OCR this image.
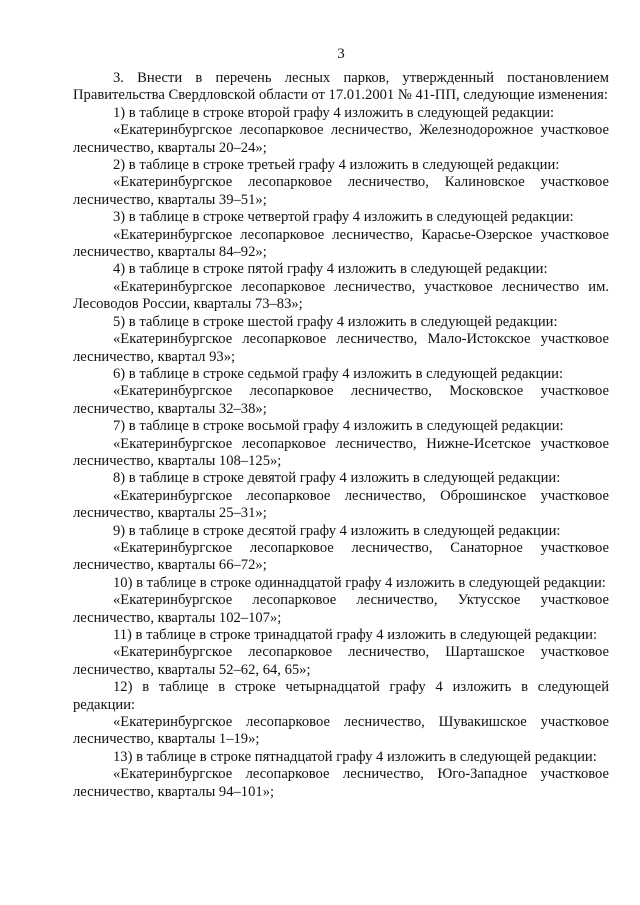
3

3. Внести в перечень лесных парков, утвержденный постановлением Правительства Свердловской области от 17.01.2001 № 41-ПП, следующие изменения:

1) в таблице в строке второй графу 4 изложить в следующей редакции:

«Екатеринбургское лесопарковое лесничество, Железнодорожное участковое лесничество, кварталы 20–24»;

2) в таблице в строке третьей графу 4 изложить в следующей редакции:

«Екатеринбургское лесопарковое лесничество, Калиновское участковое лесничество, кварталы 39–51»;

3) в таблице в строке четвертой графу 4 изложить в следующей редакции:

«Екатеринбургское лесопарковое лесничество, Карасье-Озерское участковое лесничество, кварталы 84–92»;

4) в таблице в строке пятой графу 4 изложить в следующей редакции:

«Екатеринбургское лесопарковое лесничество, участковое лесничество им. Лесоводов России, кварталы 73–83»;

5) в таблице в строке шестой графу 4 изложить в следующей редакции:

«Екатеринбургское лесопарковое лесничество, Мало-Истокское участковое лесничество, квартал 93»;

6) в таблице в строке седьмой графу 4 изложить в следующей редакции:

«Екатеринбургское лесопарковое лесничество, Московское участковое лесничество, кварталы 32–38»;

7) в таблице в строке восьмой графу 4 изложить в следующей редакции:

«Екатеринбургское лесопарковое лесничество, Нижне-Исетское участковое лесничество, кварталы 108–125»;

8) в таблице в строке девятой графу 4 изложить в следующей редакции:

«Екатеринбургское лесопарковое лесничество, Оброшинское участковое лесничество, кварталы 25–31»;

9) в таблице в строке десятой графу 4 изложить в следующей редакции:

«Екатеринбургское лесопарковое лесничество, Санаторное участковое лесничество, кварталы 66–72»;

10) в таблице в строке одиннадцатой графу 4 изложить в следующей редакции:

«Екатеринбургское лесопарковое лесничество, Уктусское участковое лесничество, кварталы 102–107»;

11) в таблице в строке тринадцатой графу 4 изложить в следующей редакции:

«Екатеринбургское лесопарковое лесничество, Шарташское участковое лесничество, кварталы 52–62, 64, 65»;

12) в таблице в строке четырнадцатой графу 4 изложить в следующей редакции:

«Екатеринбургское лесопарковое лесничество, Шувакишское участковое лесничество, кварталы 1–19»;

13) в таблице в строке пятнадцатой графу 4 изложить в следующей редакции:

«Екатеринбургское лесопарковое лесничество, Юго-Западное участковое лесничество, кварталы 94–101»;
